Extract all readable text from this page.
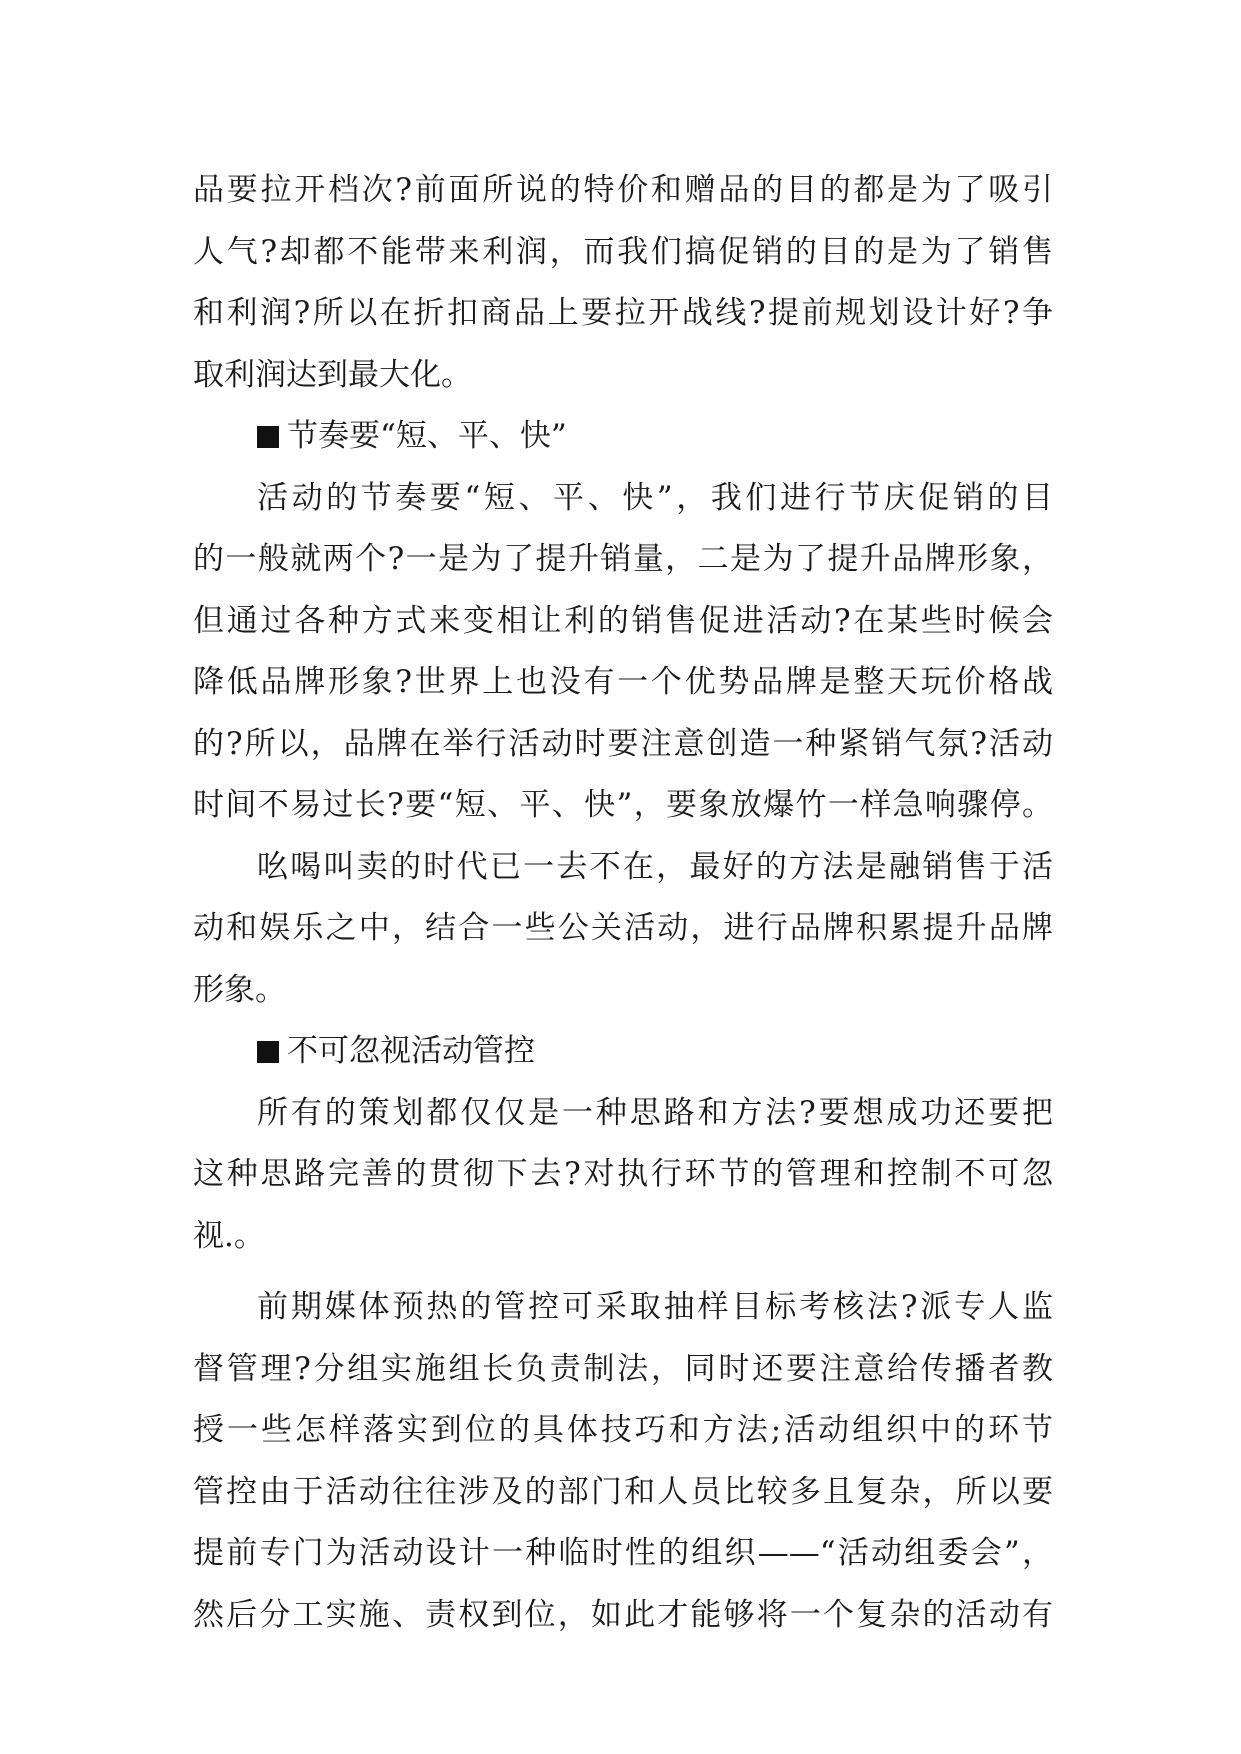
品要拉开档次?前面所说的特价和赠品的目的都是为了吸引
人气?却都不能带来利润，而我们搞促销的目的是为了销售
和利润?所以在折扣商品上要拉开战线?提前规划设计好?争
取利润达到最大化。
节奏要“短、平、快”
活动的节奏要“短、平、快”，我们进行节庆促销的目
的一般就两个?一是为了提升销量，二是为了提升品牌形象，
但通过各种方式来变相让利的销售促进活动?在某些时候会
降低品牌形象?世界上也没有一个优势品牌是整天玩价格战
的?所以，品牌在举行活动时要注意创造一种紧销气氛?活动
时间不易过长?要“短、平、快”，要象放爆竹一样急响骤停。
吆喝叫卖的时代已一去不在，最好的方法是融销售于活
动和娱乐之中，结合一些公关活动，进行品牌积累提升品牌
形象。
不可忽视活动管控
所有的策划都仅仅是一种思路和方法?要想成功还要把
这种思路完善的贯彻下去?对执行环节的管理和控制不可忽
视.。
前期媒体预热的管控可采取抽样目标考核法?派专人监
督管理?分组实施组长负责制法，同时还要注意给传播者教
授一些怎样落实到位的具体技巧和方法;活动组织中的环节
管控由于活动往往涉及的部门和人员比较多且复杂，所以要
提前专门为活动设计一种临时性的组织——“活动组委会”，
然后分工实施、责权到位，如此才能够将一个复杂的活动有
